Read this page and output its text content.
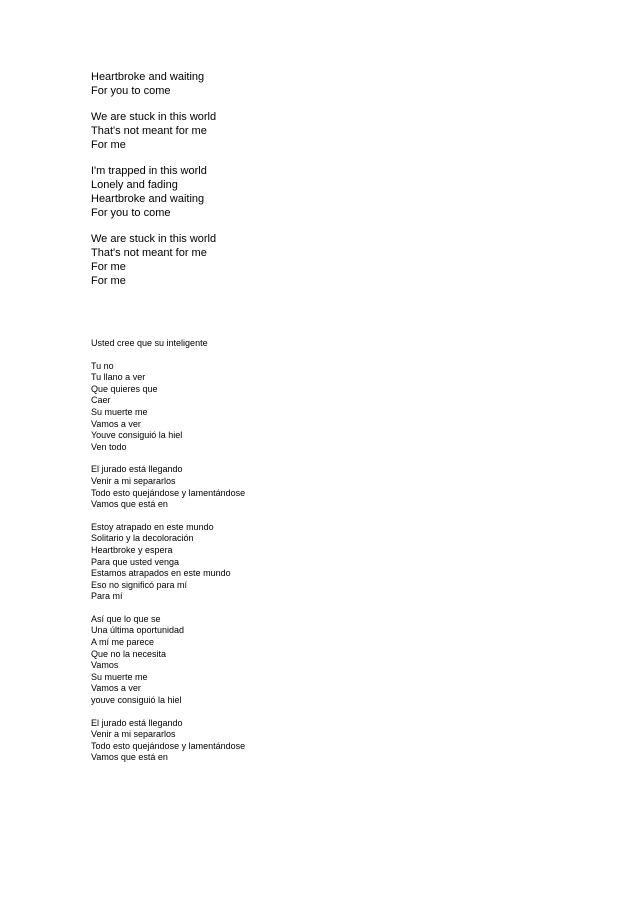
Heartbroke and waiting
For you to come
We are stuck in this world
That's not meant for me
For me
I'm trapped in this world
Lonely and fading
Heartbroke and waiting
For you to come
We are stuck in this world
That's not meant for me
For me
For me
Usted cree que su inteligente
Tu no
Tu llano a ver
Que quieres que
Caer
Su muerte me
Vamos a ver
Youve consiguió la hiel
Ven todo
El jurado está llegando
Venir a mi separarlos
Todo esto quejándose y lamentándose
Vamos que está en
Estoy atrapado en este mundo
Solitario y la decoloración
Heartbroke y espera
Para que usted venga
Estamos atrapados en este mundo
Eso no significó para mí
Para mí
Así que lo que se
Una última oportunidad
A mí me parece
Que no la necesita
Vamos
Su muerte me
Vamos a ver
youve consiguió la hiel
El jurado está llegando
Venir a mi separarlos
Todo esto quejándose y lamentándose
Vamos que está en
